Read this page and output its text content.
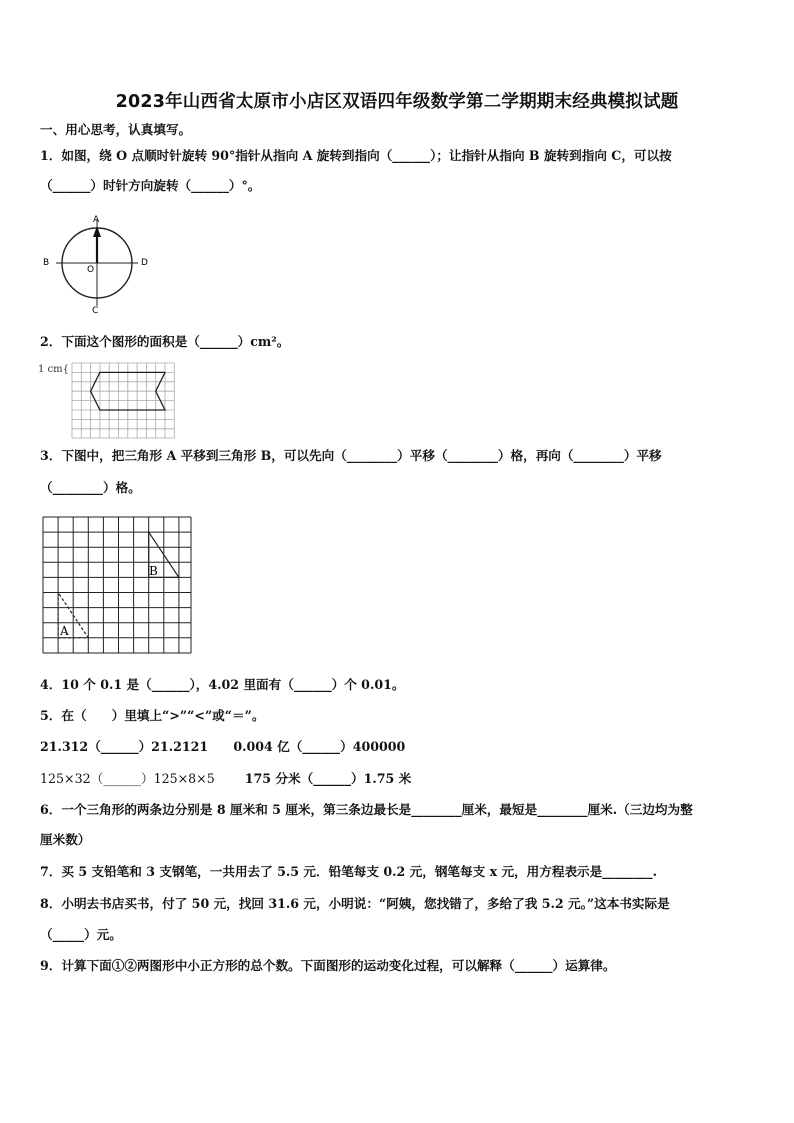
2023年山西省太原市小店区双语四年级数学第二学期期末经典模拟试题
一、用心思考，认真填写。
1．如图，绕 O 点顺时针旋转 90°指针从指向 A 旋转到指向（______）；让指针从指向 B 旋转到指向 C，可以按
（______）时针方向旋转（______）°。
A
B
C
D
O
2．下面这个图形的面积是（______）cm²。
1 cm{
3．下图中，把三角形 A 平移到三角形 B，可以先向（________）平移（________）格，再向（________）平移
（________）格。
A
B
4．10 个 0.1 是（______），4.02 里面有（______）个 0.01。
5．在（　　）里填上“>”“<”或“＝”。
21.312（______）21.2121　　0.004 亿（______）400000
125×32（______）125×8×5 175 分米（______）1.75 米
6．一个三角形的两条边分别是 8 厘米和 5 厘米，第三条边最长是________厘米，最短是________厘米.（三边均为整
厘米数）
7．买 5 支铅笔和 3 支钢笔，一共用去了 5.5 元．铅笔每支 0.2 元，钢笔每支 x 元，用方程表示是________.
8．小明去书店买书，付了 50 元，找回 31.6 元，小明说：“阿姨，您找错了，多给了我 5.2 元。”这本书实际是
（_____）元。
9．计算下面①②两图形中小正方形的总个数。下面图形的运动变化过程，可以解释（______）运算律。
